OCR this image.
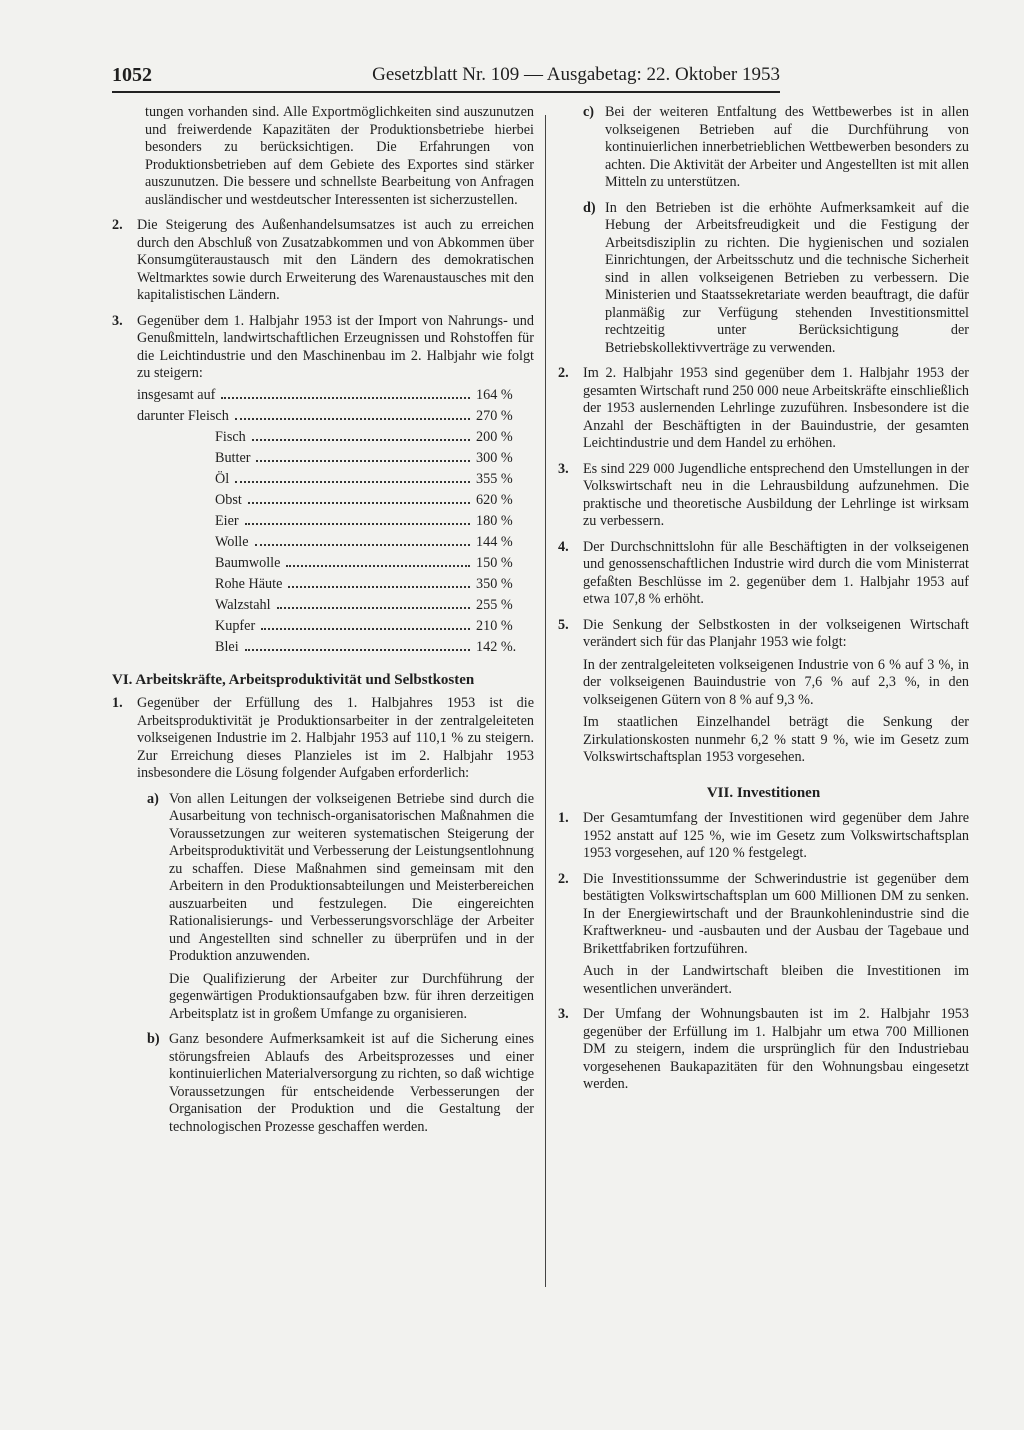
1052	Gesetzblatt Nr. 109 — Ausgabetag: 22. Oktober 1953

tungen vorhanden sind. Alle Exportmöglichkeiten sind auszunutzen und freiwerdende Kapazitäten der Produktionsbetriebe hierbei besonders zu berücksichtigen. Die Erfahrungen von Produktionsbetrieben auf dem Gebiete des Exportes sind stärker auszunutzen. Die bessere und schnellste Bearbeitung von Anfragen ausländischer und westdeutscher Interessenten ist sicherzustellen.

2.	Die Steigerung des Außenhandelsumsatzes ist auch zu erreichen durch den Abschluß von Zusatzabkommen und von Abkommen über Konsumgüteraustausch mit den Ländern des demokratischen Weltmarktes sowie durch Erweiterung des Warenaustausches mit den kapitalistischen Ländern.

3.	Gegenüber dem 1. Halbjahr 1953 ist der Import von Nahrungs- und Genußmitteln, landwirtschaftlichen Erzeugnissen und Rohstoffen für die Leichtindustrie und den Maschinenbau im 2. Halbjahr wie folgt zu steigern:

insgesamt auf	164 %
darunter Fleisch	270 %
Fisch	200 %
Butter	300 %
Öl	355 %
Obst	620 %
Eier	180 %
Wolle	144 %
Baumwolle	150 %
Rohe Häute	350 %
Walzstahl	255 %
Kupfer	210 %
Blei	142 %.
VI. Arbeitskräfte, Arbeitsproduktivität und Selbstkosten
1.	Gegenüber der Erfüllung des 1. Halbjahres 1953 ist die Arbeitsproduktivität je Produktionsarbeiter in der zentralgeleiteten volkseigenen Industrie im 2. Halbjahr 1953 auf 110,1 % zu steigern. Zur Erreichung dieses Planzieles ist im 2. Halbjahr 1953 insbesondere die Lösung folgender Aufgaben erforderlich:

a) Von allen Leitungen der volkseigenen Betriebe sind durch die Ausarbeitung von technisch-organisatorischen Maßnahmen die Voraussetzungen zur weiteren systematischen Steigerung der Arbeitsproduktivität und Verbesserung der Leistungsentlohnung zu schaffen. Diese Maßnahmen sind gemeinsam mit den Arbeitern in den Produktionsabteilungen und Meisterbereichen auszuarbeiten und festzulegen. Die eingereichten Rationalisierungs- und Verbesserungsvorschläge der Arbeiter und Angestellten sind schneller zu überprüfen und in der Produktion anzuwenden.

Die Qualifizierung der Arbeiter zur Durchführung der gegenwärtigen Produktionsaufgaben bzw. für ihren derzeitigen Arbeitsplatz ist in großem Umfange zu organisieren.

b) Ganz besondere Aufmerksamkeit ist auf die Sicherung eines störungsfreien Ablaufs des Arbeitsprozesses und einer kontinuierlichen Materialversorgung zu richten, so daß wichtige Voraussetzungen für entscheidende Verbesserungen der Organisation der Produktion und die Gestaltung der technologischen Prozesse geschaffen werden.

c) Bei der weiteren Entfaltung des Wettbewerbes ist in allen volkseigenen Betrieben auf die Durchführung von kontinuierlichen innerbetrieblichen Wettbewerben besonders zu achten. Die Aktivität der Arbeiter und Angestellten ist mit allen Mitteln zu unterstützen.

d) In den Betrieben ist die erhöhte Aufmerksamkeit auf die Hebung der Arbeitsfreudigkeit und die Festigung der Arbeitsdisziplin zu richten. Die hygienischen und sozialen Einrichtungen, der Arbeitsschutz und die technische Sicherheit sind in allen volkseigenen Betrieben zu verbessern. Die Ministerien und Staatssekretariate werden beauftragt, die dafür planmäßig zur Verfügung stehenden Investitionsmittel rechtzeitig unter Berücksichtigung der Betriebskollektivverträge zu verwenden.

2.	Im 2. Halbjahr 1953 sind gegenüber dem 1. Halbjahr 1953 der gesamten Wirtschaft rund 250 000 neue Arbeitskräfte einschließlich der 1953 auslernenden Lehrlinge zuzuführen. Insbesondere ist die Anzahl der Beschäftigten in der Bauindustrie, der gesamten Leichtindustrie und dem Handel zu erhöhen.

3.	Es sind 229 000 Jugendliche entsprechend den Umstellungen in der Volkswirtschaft neu in die Lehrausbildung aufzunehmen. Die praktische und theoretische Ausbildung der Lehrlinge ist wirksam zu verbessern.

4.	Der Durchschnittslohn für alle Beschäftigten in der volkseigenen und genossenschaftlichen Industrie wird durch die vom Ministerrat gefaßten Beschlüsse im 2. gegenüber dem 1. Halbjahr 1953 auf etwa 107,8 % erhöht.

5.	Die Senkung der Selbstkosten in der volkseigenen Wirtschaft verändert sich für das Planjahr 1953 wie folgt:

In der zentralgeleiteten volkseigenen Industrie von 6 % auf 3 %, in der volkseigenen Bauindustrie von 7,6 % auf 2,3 %, in den volkseigenen Gütern von 8 % auf 9,3 %.

Im staatlichen Einzelhandel beträgt die Senkung der Zirkulationskosten nunmehr 6,2 % statt 9 %, wie im Gesetz zum Volkswirtschaftsplan 1953 vorgesehen.

VII. Investitionen
1.	Der Gesamtumfang der Investitionen wird gegenüber dem Jahre 1952 anstatt auf 125 %, wie im Gesetz zum Volkswirtschaftsplan 1953 vorgesehen, auf 120 % festgelegt.

2.	Die Investitionssumme der Schwerindustrie ist gegenüber dem bestätigten Volkswirtschaftsplan um 600 Millionen DM zu senken. In der Energiewirtschaft und der Braunkohlenindustrie sind die Kraftwerkneu- und -ausbauten und der Ausbau der Tagebaue und Brikettfabriken fortzuführen.

Auch in der Landwirtschaft bleiben die Investitionen im wesentlichen unverändert.

3.	Der Umfang der Wohnungsbauten ist im 2. Halbjahr 1953 gegenüber der Erfüllung im 1. Halbjahr um etwa 700 Millionen DM zu steigern, indem die ursprünglich für den Industriebau vorgesehenen Baukapazitäten für den Wohnungsbau eingesetzt werden.
